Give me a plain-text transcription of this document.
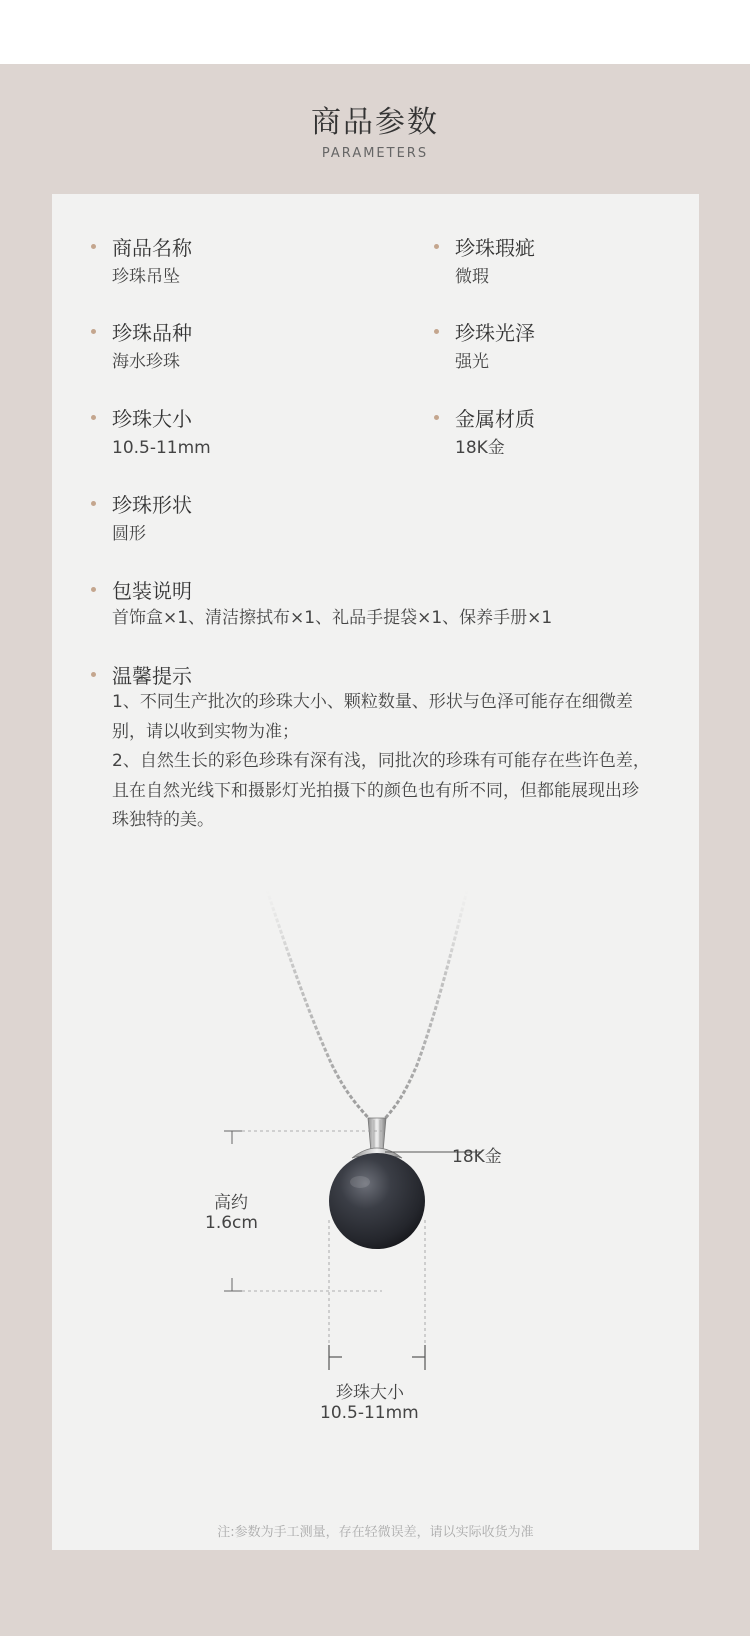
商品参数
PARAMETERS
商品名称
珍珠吊坠
珍珠品种
海水珍珠
珍珠大小
10.5-11mm
珍珠形状
圆形
珍珠瑕疵
微瑕
珍珠光泽
强光
金属材质
18K金
包装说明
首饰盒×1、清洁擦拭布×1、礼品手提袋×1、保养手册×1
温馨提示

1、不同生产批次的珍珠大小、颗粒数量、形状与色泽可能存在细微差别，请以收到实物为准；

2、自然生长的彩色珍珠有深有浅，同批次的珍珠有可能存在些许色差，且在自然光线下和摄影灯光拍摄下的颜色也有所不同，但都能展现出珍珠独特的美。

18K金
高约
1.6cm
珍珠大小
10.5-11mm
注:参数为手工测量，存在轻微误差，请以实际收货为准
